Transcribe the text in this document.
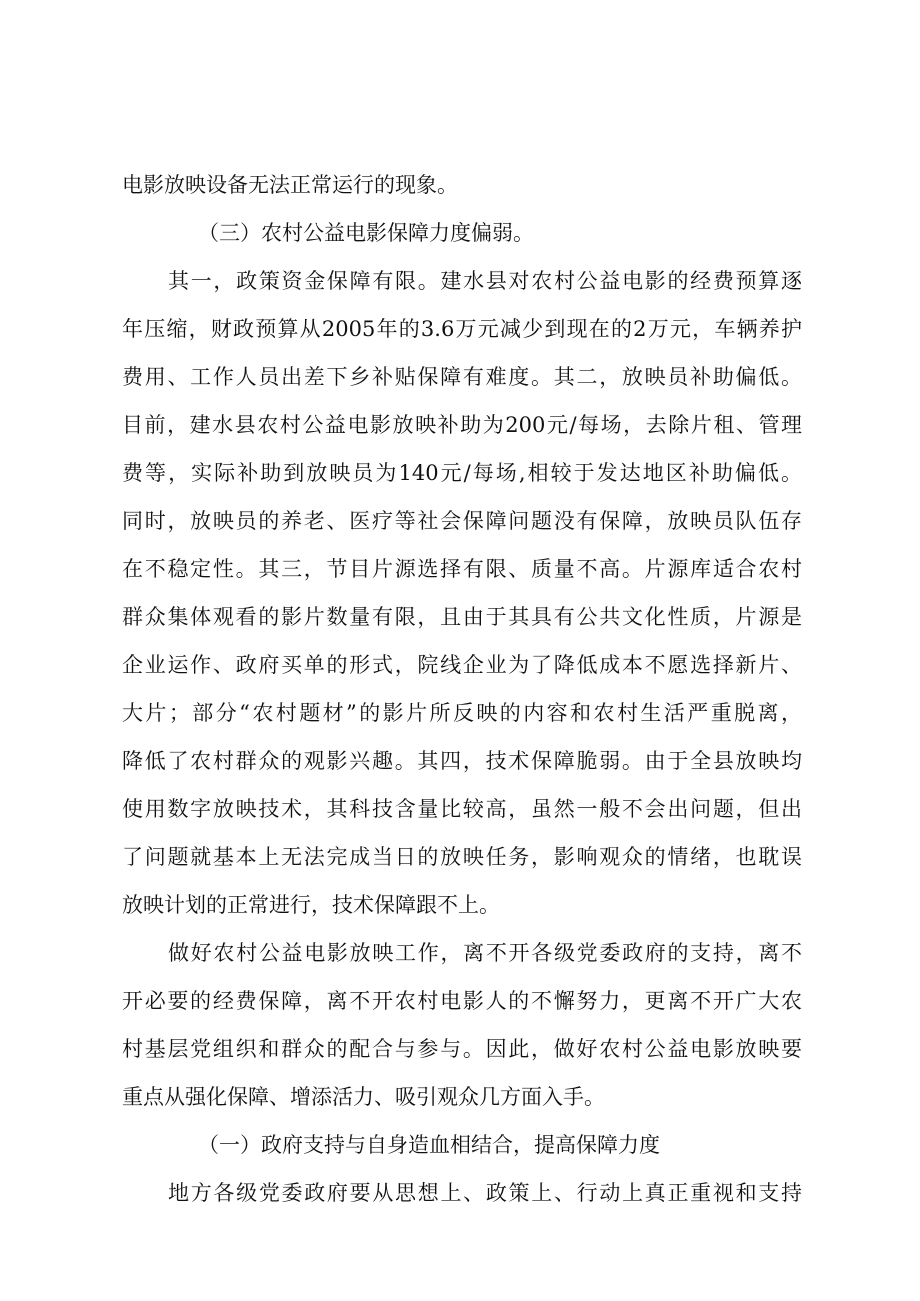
电影放映设备无法正常运行的现象。
（三）农村公益电影保障力度偏弱。
其一，政策资金保障有限。建水县对农村公益电影的经费预算逐
年压缩，财政预算从2005年的3.6万元减少到现在的2万元，车辆养护
费用、工作人员出差下乡补贴保障有难度。其二，放映员补助偏低。
目前，建水县农村公益电影放映补助为200元/每场，去除片租、管理
费等，实际补助到放映员为140元/每场,相较于发达地区补助偏低。
同时，放映员的养老、医疗等社会保障问题没有保障，放映员队伍存
在不稳定性。其三，节目片源选择有限、质量不高。片源库适合农村
群众集体观看的影片数量有限，且由于其具有公共文化性质，片源是
企业运作、政府买单的形式，院线企业为了降低成本不愿选择新片、
大片；部分“农村题材”的影片所反映的内容和农村生活严重脱离，
降低了农村群众的观影兴趣。其四，技术保障脆弱。由于全县放映均
使用数字放映技术，其科技含量比较高，虽然一般不会出问题，但出
了问题就基本上无法完成当日的放映任务，影响观众的情绪，也耽误
放映计划的正常进行，技术保障跟不上。
做好农村公益电影放映工作，离不开各级党委政府的支持，离不
开必要的经费保障，离不开农村电影人的不懈努力，更离不开广大农
村基层党组织和群众的配合与参与。因此，做好农村公益电影放映要
重点从强化保障、增添活力、吸引观众几方面入手。
（一）政府支持与自身造血相结合，提高保障力度
地方各级党委政府要从思想上、政策上、行动上真正重视和支持
